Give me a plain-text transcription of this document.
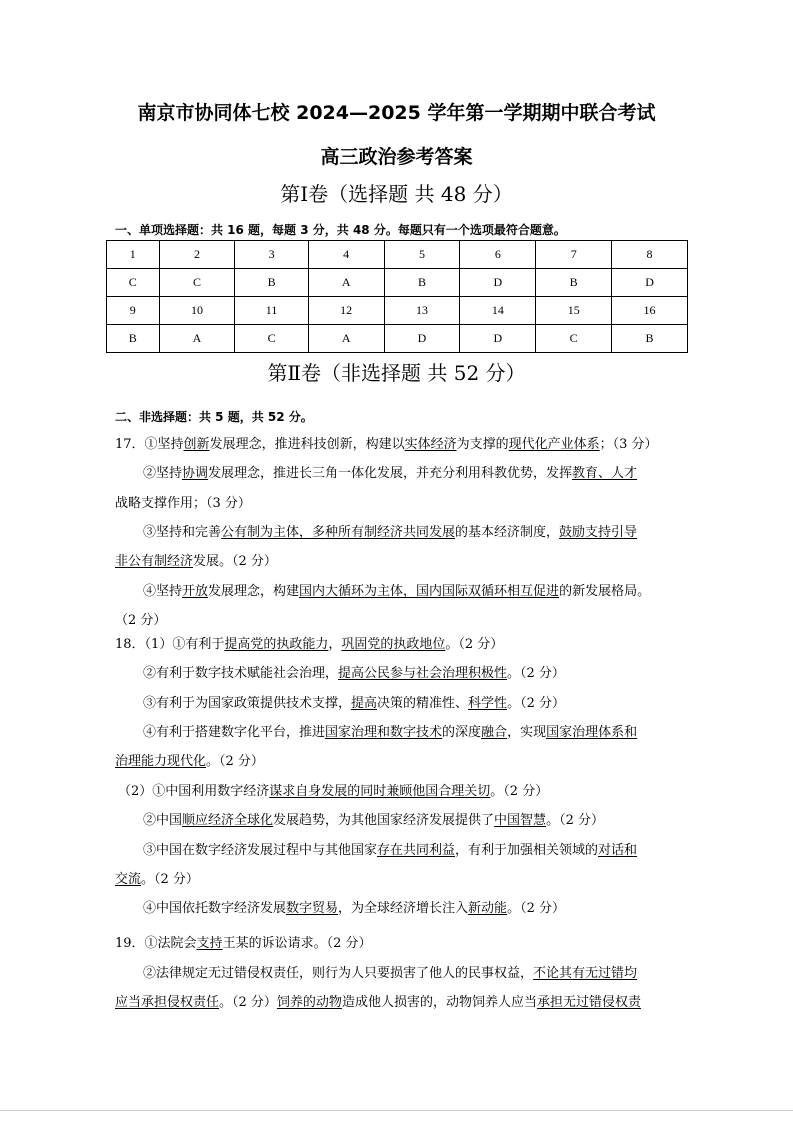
南京市协同体七校 2024—2025 学年第一学期期中联合考试
高三政治参考答案
第Ⅰ卷（选择题 共 48 分）
一、单项选择题：共 16 题，每题 3 分，共 48 分。每题只有一个选项最符合题意。
1	2	3	4	5	6	7	8
C	C	B	A	B	D	B	D
9	10	11	12	13	14	15	16
B	A	C	A	D	D	C	B
第Ⅱ卷（非选择题 共 52 分）
二、非选择题：共 5 题，共 52 分。
17．①坚持创新发展理念，推进科技创新，构建以实体经济为支撑的现代化产业体系；（3 分）
②坚持协调发展理念，推进长三角一体化发展，并充分利用科教优势，发挥教育、人才
战略支撑作用；（3 分）
③坚持和完善公有制为主体，多种所有制经济共同发展的基本经济制度，鼓励支持引导
非公有制经济发展。（2 分）
④坚持开放发展理念，构建国内大循环为主体，国内国际双循环相互促进的新发展格局。
（2 分）
18．（1）①有利于提高党的执政能力，巩固党的执政地位。（2 分）
②有利于数字技术赋能社会治理，提高公民参与社会治理积极性。（2 分）
③有利于为国家政策提供技术支撑，提高决策的精准性、科学性。（2 分）
④有利于搭建数字化平台，推进国家治理和数字技术的深度融合，实现国家治理体系和
治理能力现代化。（2 分）
（2）①中国利用数字经济谋求自身发展的同时兼顾他国合理关切。（2 分）
②中国顺应经济全球化发展趋势，为其他国家经济发展提供了中国智慧。（2 分）
③中国在数字经济发展过程中与其他国家存在共同利益，有利于加强相关领域的对话和
交流。（2 分）
④中国依托数字经济发展数字贸易，为全球经济增长注入新动能。（2 分）
19．①法院会支持王某的诉讼请求。（2 分）
②法律规定无过错侵权责任，则行为人只要损害了他人的民事权益，不论其有无过错均
应当承担侵权责任。（2 分）饲养的动物造成他人损害的，动物饲养人应当承担无过错侵权责
